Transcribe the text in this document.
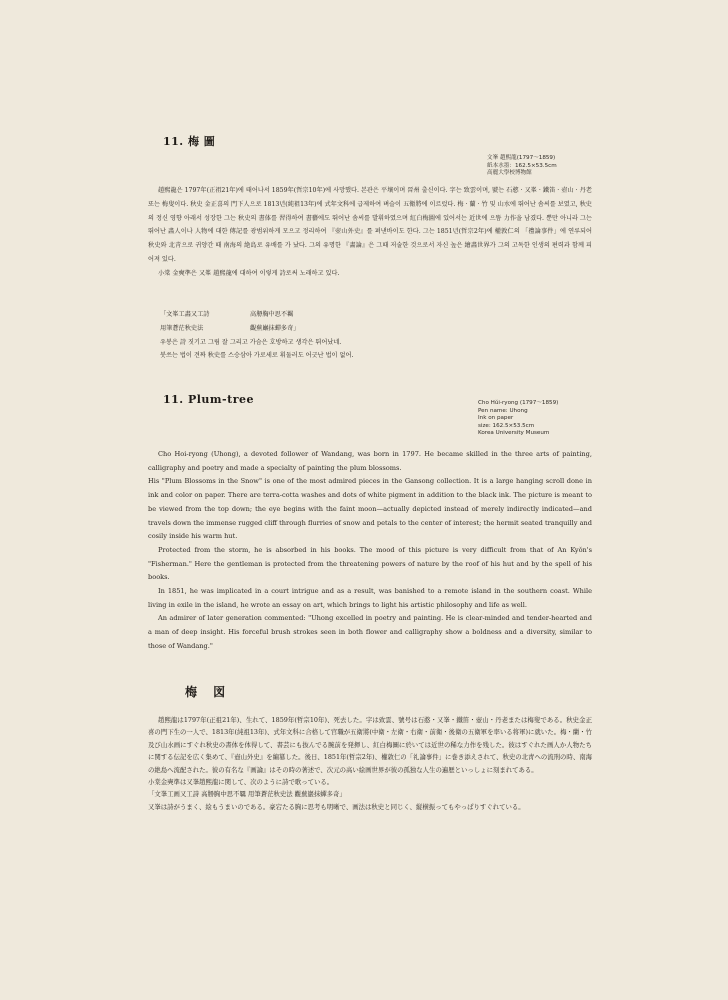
11. 梅 圖
文峯 趙熙龍(1797～1859)
紙本水墨：162.5×53.5cm
高麗大學校博物館

趙熙龍은 1797年(正祖21年)에 태어나서 1859年(哲宗10年)에 사망했다. 본관은 平壤이며 晉州 출신이다. 字는 致雲이며, 號는 石憨 · 又峯 · 鐵笛 · 壺山 · 丹老 또는 梅叟이다. 秋史 金正喜의 門下人으로 1813년(純祖13年)에 式年文科에 급제하여 벼슬이 五衛將에 이르렀다. 梅 · 蘭 · 竹 및 山水에 뛰어난 솜씨를 보였고, 秋史의 정신 영향 아래서 성장한 그는 秋史의 書体를 習得하여 書藝에도 뛰어난 솜씨를 발휘하였으며 紅白梅圖에 있어서는 近世에 으뜸 力作을 남겼다. 뿐만 아니라 그는 뛰어난 畵人이나 人物에 대한 傳記를 광범위하게 모으고 정리하여 『壺山外史』를 펴낸바이도 한다. 그는 1851년(哲宗2年)에 權敦仁의 「禮論事件」에 연루되어 秋史와 北靑으로 귀양간 때 南海의 絶島로 유배를 가 났다. 그의 유명한 『畵論』은 그때 저술한 것으로서 자신 높은 繪畵世界가 그의 고독한 인생의 편력과 함께 피어져 있다.

小棠 金奭準은 又峯 趙熙龍에 대하여 이렇게 詩로써 노래하고 있다.

「文峯工畵又工詩	高刱胸中思不羈
用筆蒼茫秋史法	觀蕪巖抹蟬多奇」
우봉은 詩 짓기고 그림 잘 그리고 가슴은 호방하고 생각은 뛰어났네.
붓쓰는 법이 견짜 秋史를 스승삼아 가로세로 휘둘러도 어긋난 법이 없어.
11. Plum-tree	Cho Hŭi-ryong (1797～1859)
Pen name: Uhong
Ink on paper
size: 162.5×53.5cm
Korea University Museum

Cho Hoi-ryong (Uhong), a devoted follower of Wandang, was born in 1797. He became skilled in the three arts of painting, calligraphy and poetry and made a specialty of painting the plum blossoms.

His "Plum Blossoms in the Snow" is one of the most admired pieces in the Gansong collection. It is a large hanging scroll done in ink and color on paper. There are terra-cotta washes and dots of white pigment in addition to the black ink. The picture is meant to be viewed from the top down; the eye begins with the faint moon—actually depicted instead of merely indirectly indicated—and travels down the immense rugged cliff through flurries of snow and petals to the center of interest; the hermit seated tranquilly and cosily inside his warm hut.

Protected from the storm, he is absorbed in his books. The mood of this picture is very difficult from that of An Kyŏn's "Fisherman." Here the gentleman is protected from the threatening powers of nature by the roof of his hut and by the spell of his books.

In 1851, he was implicated in a court intrigue and as a result, was banished to a remote island in the southern coast. While living in exile in the island, he wrote an essay on art, which brings to light his artistic philosophy and life as well.

An admirer of later generation commented: "Uhong excelled in poetry and painting. He is clear-minded and tender-hearted and a man of deep insight. His forceful brush strokes seen in both flower and calligraphy show a boldness and a diversity, similar to those of Wandang."

梅 図

趙熙龍は1797年(正祖21年)、生れて、1859年(哲宗10年)、死去した。字は致雲、號号は石憨・又峯・鐵笛・壺山・丹老または梅叟である。秋史金正喜の門下生の一人で、1813年(純祖13年)、式年文科に合格して官職が五衛將(中衛・左衛・右衛・前衛・後衛の五衛軍を率いる将軍)に就いた。梅・蘭・竹及び山水画にすぐれ秋史の書体を体得して、書芸にも抜んでる腕前を発揮し、紅白梅圖に於いては近世の稀な力作を残した。彼はすぐれた画人か人物たちに関する伝記を広く集めて、『壺山外史』を編纂した。後日、1851年(哲宗2年)、權敦仁の「礼論事件」に巻き添えされて、秋史の北靑への流刑の時、南海の絶島へ流配された。彼の有名な『画論』はその時の著述で、次元の高い絵画世界が彼の孤独な人生の遍歴といっしょに刻まれてある。

小棠金奭準は又峯趙熙龍に関して、次のように詩で歌っている。

「文峯工画又工詩 高刱胸中思不羈 用筆蒼茫秋史法 觀蕪巖抹蟬多奇」

又峯は詩がうまく、絵もうまいのである。豪宕たる胸に思考も明晰で、画法は秋史と同じく、縦横振ってもやっぱりすぐれている。
